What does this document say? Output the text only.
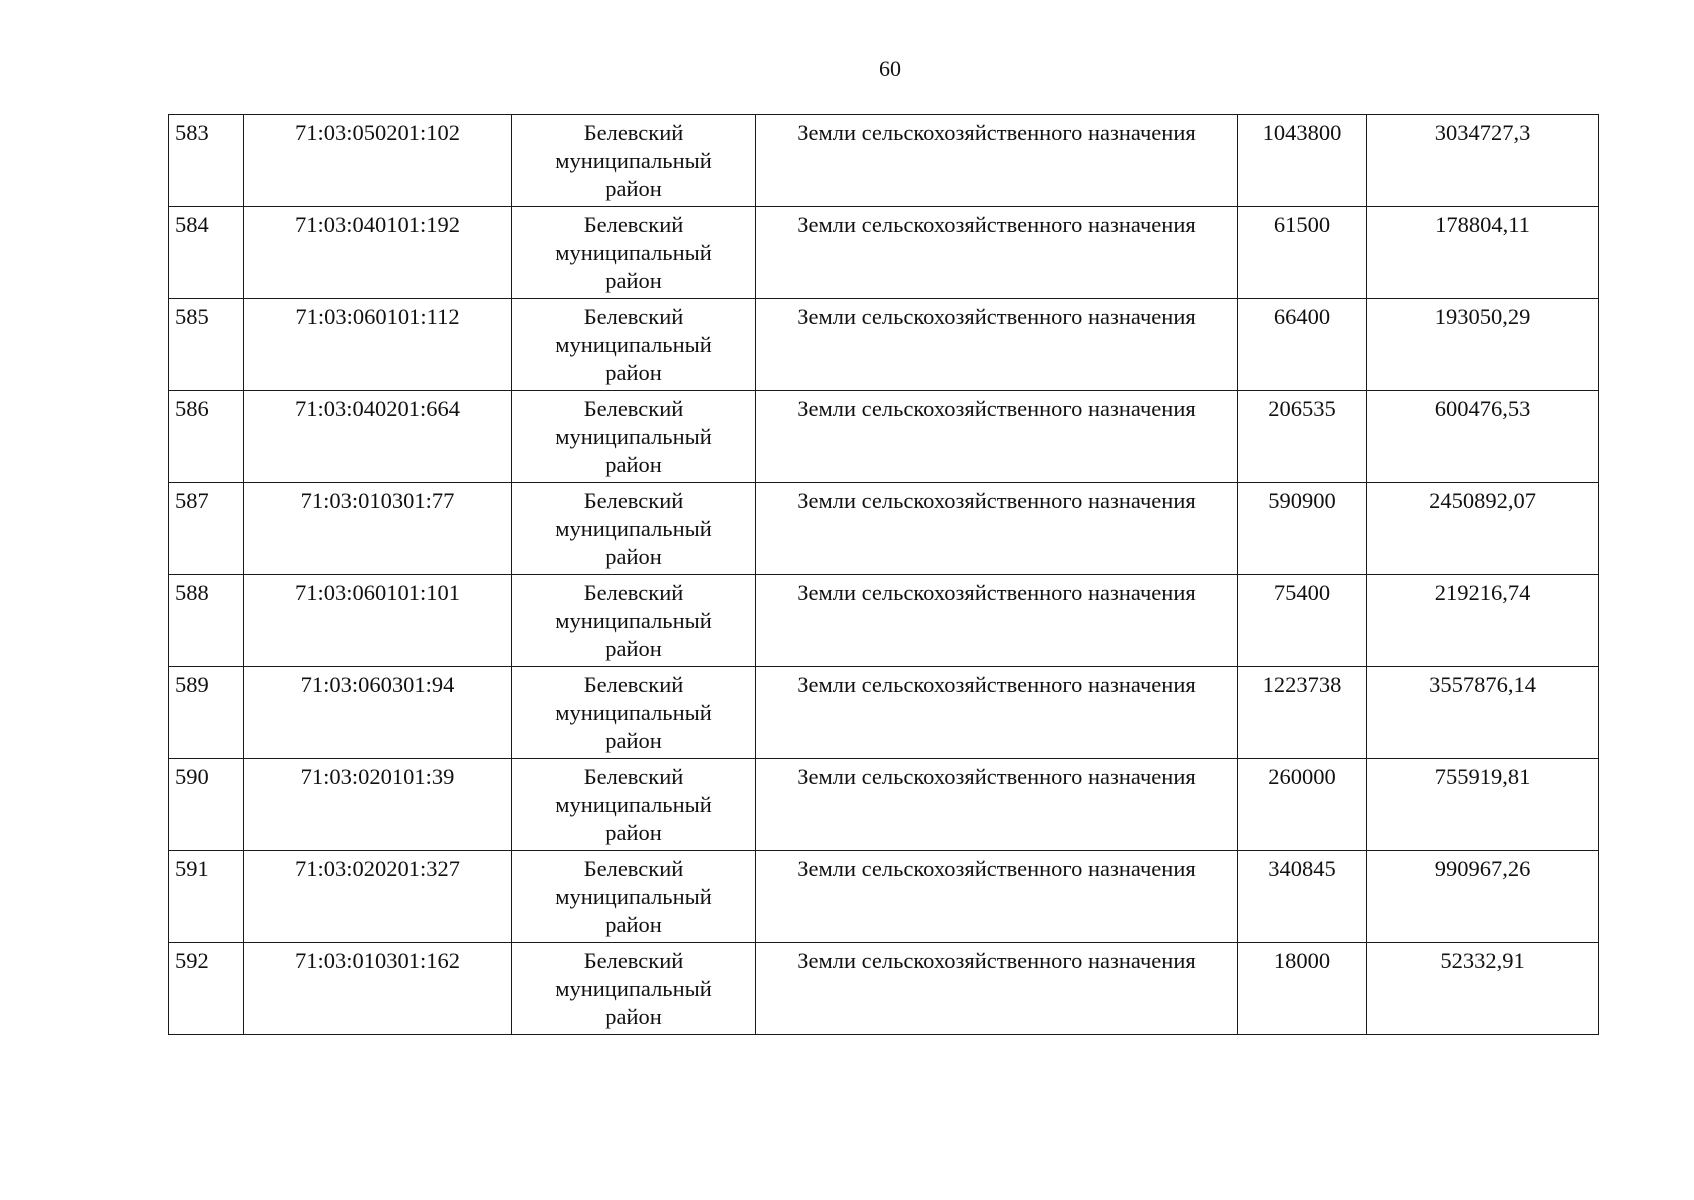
60
583	71:03:050201:102	Белевский
муниципальный
район	Земли сельскохозяйственного назначения	1043800	3034727,3
584	71:03:040101:192	Белевский
муниципальный
район	Земли сельскохозяйственного назначения	61500	178804,11
585	71:03:060101:112	Белевский
муниципальный
район	Земли сельскохозяйственного назначения	66400	193050,29
586	71:03:040201:664	Белевский
муниципальный
район	Земли сельскохозяйственного назначения	206535	600476,53
587	71:03:010301:77	Белевский
муниципальный
район	Земли сельскохозяйственного назначения	590900	2450892,07
588	71:03:060101:101	Белевский
муниципальный
район	Земли сельскохозяйственного назначения	75400	219216,74
589	71:03:060301:94	Белевский
муниципальный
район	Земли сельскохозяйственного назначения	1223738	3557876,14
590	71:03:020101:39	Белевский
муниципальный
район	Земли сельскохозяйственного назначения	260000	755919,81
591	71:03:020201:327	Белевский
муниципальный
район	Земли сельскохозяйственного назначения	340845	990967,26
592	71:03:010301:162	Белевский
муниципальный
район	Земли сельскохозяйственного назначения	18000	52332,91
